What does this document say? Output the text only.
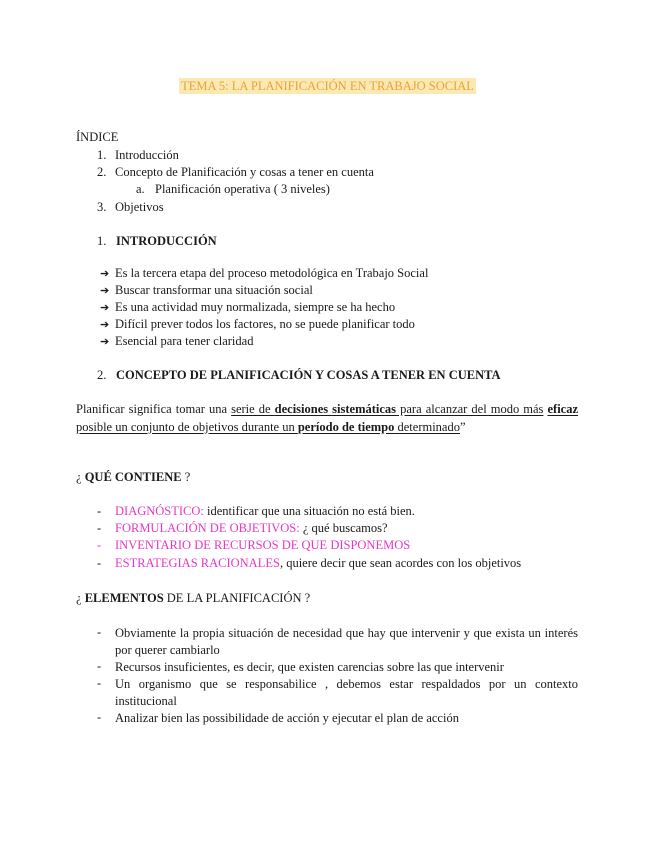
TEMA 5: LA PLANIFICACIÓN EN TRABAJO SOCIAL
ÍNDICE
1. Introducción
2. Concepto de Planificación y cosas a tener en cuenta
a. Planificación operativa ( 3 niveles)
3. Objetivos
1. INTRODUCCIÓN
➔ Es la tercera etapa del proceso metodológica en Trabajo Social
➔ Buscar transformar una situación social
➔ Es una actividad muy normalizada, siempre se ha hecho
➔ Difícil prever todos los factores, no se puede planificar todo
➔ Esencial para tener claridad
2. CONCEPTO DE PLANIFICACIÓN Y COSAS A TENER EN CUENTA
Planificar significa tomar una serie de decisiones sistemáticas para alcanzar del modo más eficaz posible un conjunto de objetivos durante un período de tiempo determinado”
¿ QUÉ CONTIENE ?
- DIAGNÓSTICO: identificar que una situación no está bien.
- FORMULACIÓN DE OBJETIVOS: ¿ qué buscamos?
- INVENTARIO DE RECURSOS DE QUE DISPONEMOS
- ESTRATEGIAS RACIONALES, quiere decir que sean acordes con los objetivos
¿ ELEMENTOS DE LA PLANIFICACIÓN ?
- Obviamente la propia situación de necesidad que hay que intervenir y que exista un interés por querer cambiarlo
- Recursos insuficientes, es decir, que existen carencias sobre las que intervenir
- Un organismo que se responsabilice , debemos estar respaldados por un contexto institucional
- Analizar bien las possibilidade de acción y ejecutar el plan de acción
